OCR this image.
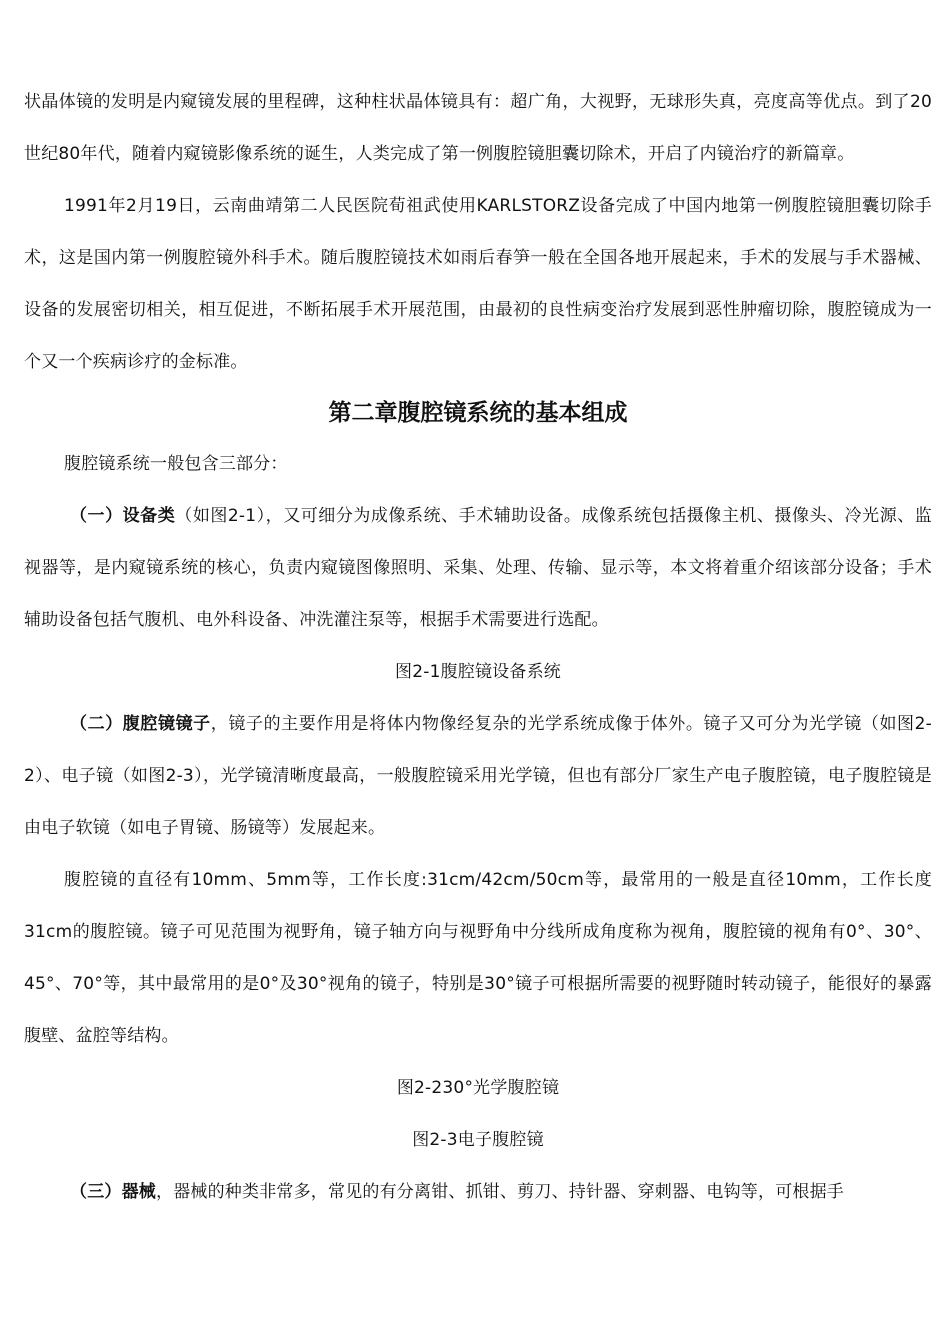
状晶体镜的发明是内窥镜发展的里程碑，这种柱状晶体镜具有：超广角，大视野，无球形失真，亮度高等优点。到了20世纪80年代，随着内窥镜影像系统的诞生，人类完成了第一例腹腔镜胆囊切除术，开启了内镜治疗的新篇章。

1991年2月19日，云南曲靖第二人民医院荀祖武使用KARLSTORZ设备完成了中国内地第一例腹腔镜胆囊切除手术，这是国内第一例腹腔镜外科手术。随后腹腔镜技术如雨后春笋一般在全国各地开展起来，手术的发展与手术器械、设备的发展密切相关，相互促进，不断拓展手术开展范围，由最初的良性病变治疗发展到恶性肿瘤切除，腹腔镜成为一个又一个疾病诊疗的金标准。

第二章腹腔镜系统的基本组成

腹腔镜系统一般包含三部分：

（一）设备类（如图2-1），又可细分为成像系统、手术辅助设备。成像系统包括摄像主机、摄像头、冷光源、监视器等，是内窥镜系统的核心，负责内窥镜图像照明、采集、处理、传输、显示等，本文将着重介绍该部分设备；手术辅助设备包括气腹机、电外科设备、冲洗灌注泵等，根据手术需要进行选配。

图2-1腹腔镜设备系统

（二）腹腔镜镜子，镜子的主要作用是将体内物像经复杂的光学系统成像于体外。镜子又可分为光学镜（如图2-2）、电子镜（如图2-3），光学镜清晰度最高，一般腹腔镜采用光学镜，但也有部分厂家生产电子腹腔镜，电子腹腔镜是由电子软镜（如电子胃镜、肠镜等）发展起来。

腹腔镜的直径有10mm、5mm等，工作长度:31cm/42cm/50cm等，最常用的一般是直径10mm，工作长度31cm的腹腔镜。镜子可见范围为视野角，镜子轴方向与视野角中分线所成角度称为视角，腹腔镜的视角有0°、30°、45°、70°等，其中最常用的是0°及30°视角的镜子，特别是30°镜子可根据所需要的视野随时转动镜子，能很好的暴露腹壁、盆腔等结构。

图2-230°光学腹腔镜

图2-3电子腹腔镜

（三）器械，器械的种类非常多，常见的有分离钳、抓钳、剪刀、持针器、穿刺器、电钩等，可根据手
